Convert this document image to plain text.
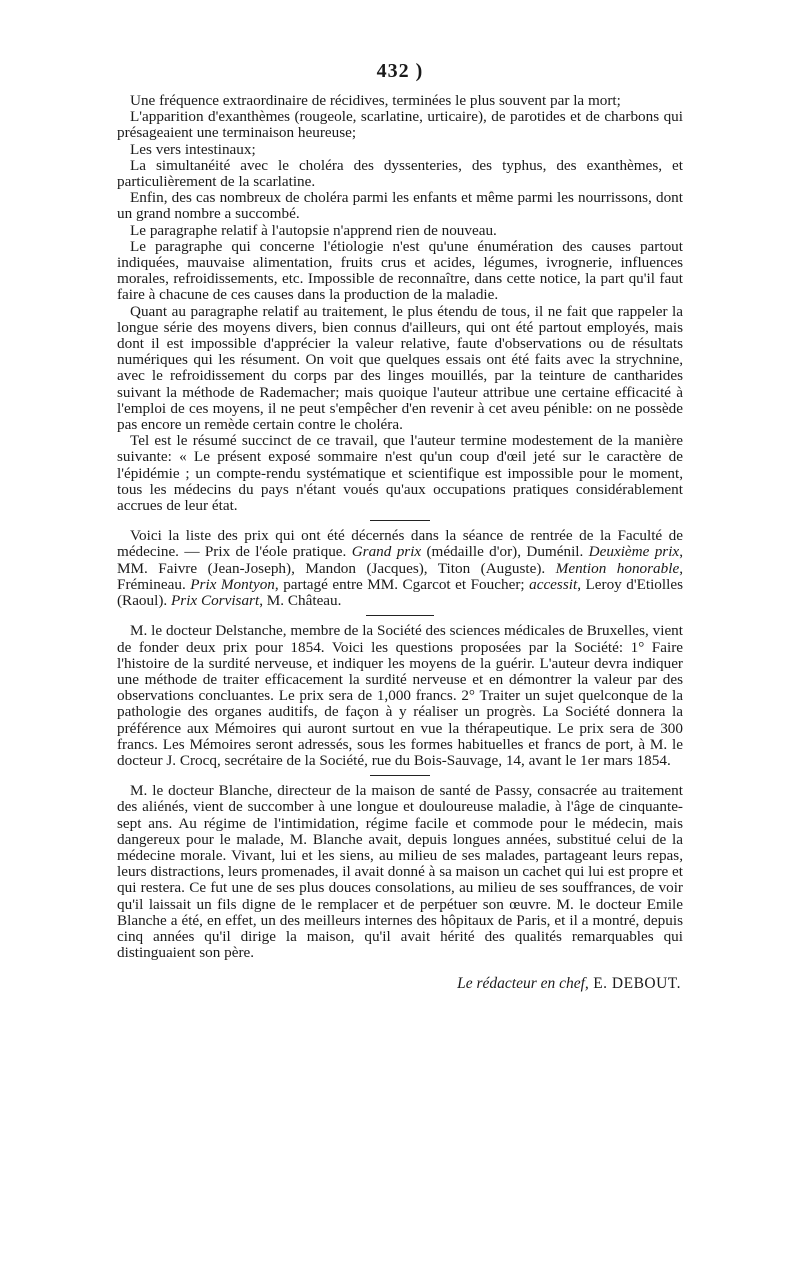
432 )

Une fréquence extraordinaire de récidives, terminées le plus souvent par la mort;

L'apparition d'exanthèmes (rougeole, scarlatine, urticaire), de parotides et de charbons qui présageaient une terminaison heureuse;

Les vers intestinaux;

La simultanéité avec le choléra des dyssenteries, des typhus, des exanthèmes, et particulièrement de la scarlatine.

Enfin, des cas nombreux de choléra parmi les enfants et même parmi les nourrissons, dont un grand nombre a succombé.

Le paragraphe relatif à l'autopsie n'apprend rien de nouveau.

Le paragraphe qui concerne l'étiologie n'est qu'une énumération des causes partout indiquées, mauvaise alimentation, fruits crus et acides, légumes, ivrognerie, influences morales, refroidissements, etc. Impossible de reconnaître, dans cette notice, la part qu'il faut faire à chacune de ces causes dans la production de la maladie.

Quant au paragraphe relatif au traitement, le plus étendu de tous, il ne fait que rappeler la longue série des moyens divers, bien connus d'ailleurs, qui ont été partout employés, mais dont il est impossible d'apprécier la valeur relative, faute d'observations ou de résultats numériques qui les résument. On voit que quelques essais ont été faits avec la strychnine, avec le refroidissement du corps par des linges mouillés, par la teinture de cantharides suivant la méthode de Rademacher; mais quoique l'auteur attribue une certaine efficacité à l'emploi de ces moyens, il ne peut s'empêcher d'en revenir à cet aveu pénible: on ne possède pas encore un remède certain contre le choléra.

Tel est le résumé succinct de ce travail, que l'auteur termine modestement de la manière suivante: « Le présent exposé sommaire n'est qu'un coup d'œil jeté sur le caractère de l'épidémie ; un compte-rendu systématique et scientifique est impossible pour le moment, tous les médecins du pays n'étant voués qu'aux occupations pratiques considérablement accrues de leur état.

Voici la liste des prix qui ont été décernés dans la séance de rentrée de la Faculté de médecine. — Prix de l'éole pratique. Grand prix (médaille d'or), Duménil. Deuxième prix, MM. Faivre (Jean-Joseph), Mandon (Jacques), Titon (Auguste). Mention honorable, Frémineau. Prix Montyon, partagé entre MM. Cgarcot et Foucher; accessit, Leroy d'Etiolles (Raoul). Prix Corvisart, M. Château.

M. le docteur Delstanche, membre de la Société des sciences médicales de Bruxelles, vient de fonder deux prix pour 1854. Voici les questions proposées par la Société: 1° Faire l'histoire de la surdité nerveuse, et indiquer les moyens de la guérir. L'auteur devra indiquer une méthode de traiter efficacement la surdité nerveuse et en démontrer la valeur par des observations concluantes. Le prix sera de 1,000 francs. 2° Traiter un sujet quelconque de la pathologie des organes auditifs, de façon à y réaliser un progrès. La Société donnera la préférence aux Mémoires qui auront surtout en vue la thérapeutique. Le prix sera de 300 francs. Les Mémoires seront adressés, sous les formes habituelles et francs de port, à M. le docteur J. Crocq, secrétaire de la Société, rue du Bois-Sauvage, 14, avant le 1er mars 1854.

M. le docteur Blanche, directeur de la maison de santé de Passy, consacrée au traitement des aliénés, vient de succomber à une longue et douloureuse maladie, à l'âge de cinquante-sept ans. Au régime de l'intimidation, régime facile et commode pour le médecin, mais dangereux pour le malade, M. Blanche avait, depuis longues années, substitué celui de la médecine morale. Vivant, lui et les siens, au milieu de ses malades, partageant leurs repas, leurs distractions, leurs promenades, il avait donné à sa maison un cachet qui lui est propre et qui restera. Ce fut une de ses plus douces consolations, au milieu de ses souffrances, de voir qu'il laissait un fils digne de le remplacer et de perpétuer son œuvre. M. le docteur Emile Blanche a été, en effet, un des meilleurs internes des hôpitaux de Paris, et il a montré, depuis cinq années qu'il dirige la maison, qu'il avait hérité des qualités remarquables qui distinguaient son père.

Le rédacteur en chef, E. DEBOUT.
